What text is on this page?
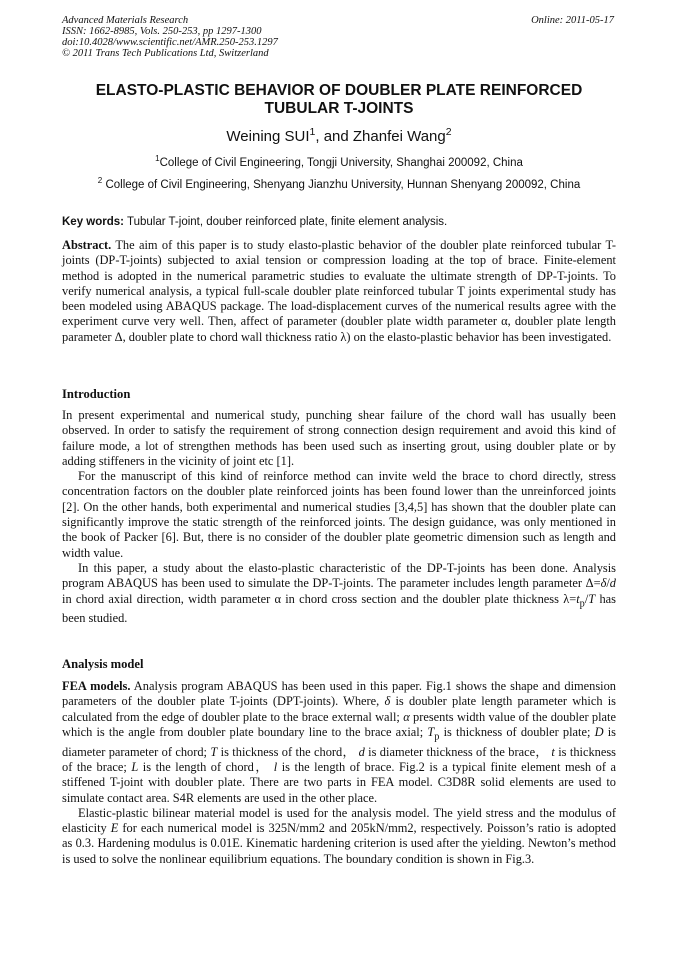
Advanced Materials Research
ISSN: 1662-8985, Vols. 250-253, pp 1297-1300
doi:10.4028/www.scientific.net/AMR.250-253.1297
© 2011 Trans Tech Publications Ltd, Switzerland
Online: 2011-05-17
ELASTO-PLASTIC BEHAVIOR OF DOUBLER PLATE REINFORCED
TUBULAR T-JOINTS
Weining SUI$^1$, and Zhanfei Wang$^2$
$^1$College of Civil Engineering, Tongji University, Shanghai 200092, China
$^2$ College of Civil Engineering, Shenyang Jianzhu University, Hunnan Shenyang 200092, China
Key words: Tubular T-joint, douber reinforced plate, finite element analysis.

Abstract. The aim of this paper is to study elasto-plastic behavior of the doubler plate reinforced tubular T-joints (DP-T-joints) subjected to axial tension or compression loading at the top of brace. Finite-element method is adopted in the numerical parametric studies to evaluate the ultimate strength of DP-T-joints. To verify numerical analysis, a typical full-scale doubler plate reinforced tubular T joints experimental study has been modeled using ABAQUS package. The load-displacement curves of the numerical results agree with the experiment curve very well. Then, affect of parameter (doubler plate width parameter α, doubler plate length parameter Δ, doubler plate to chord wall thickness ratio λ) on the elasto-plastic behavior has been investigated.

Introduction

In present experimental and numerical study, punching shear failure of the chord wall has usually been observed. In order to satisfy the requirement of strong connection design requirement and avoid this kind of failure mode, a lot of strengthen methods has been used such as inserting grout, using doubler plate or by adding stiffeners in the vicinity of joint etc [1].

For the manuscript of this kind of reinforce method can invite weld the brace to chord directly, stress concentration factors on the doubler plate reinforced joints has been found lower than the unreinforced joints [2]. On the other hands, both experimental and numerical studies [3,4,5] has shown that the doubler plate can significantly improve the static strength of the reinforced joints. The design guidance, was only mentioned in the book of Packer [6]. But, there is no consider of the doubler plate geometric dimension such as length and width value.

In this paper, a study about the elasto-plastic characteristic of the DP-T-joints has been done. Analysis program ABAQUS has been used to simulate the DP-T-joints. The parameter includes length parameter Δ=δ/d in chord axial direction, width parameter α in chord cross section and the doubler plate thickness $\lambda=t_p/T$ has been studied.

Analysis model

FEA models. Analysis program ABAQUS has been used in this paper. Fig.1 shows the shape and dimension parameters of the doubler plate T-joints (DPT-joints). Where, δ is doubler plate length parameter which is calculated from the edge of doubler plate to the brace external wall; α presents width value of the doubler plate which is the angle from doubler plate boundary line to the brace axial; $T_p$ is thickness of doubler plate; D is diameter parameter of chord; T is thickness of the chord， d is diameter thickness of the brace， t is thickness of the brace; L is the length of chord， l is the length of brace. Fig.2 is a typical finite element mesh of a stiffened T-joint with doubler plate. There are two parts in FEA model. C3D8R solid elements are used to simulate contact area. S4R elements are used in the other place.

Elastic-plastic bilinear material model is used for the analysis model. The yield stress and the modulus of elasticity E for each numerical model is 325N/mm2 and 205kN/mm2, respectively. Poisson’s ratio is adopted as 0.3. Hardening modulus is 0.01E. Kinematic hardening criterion is used after the yielding. Newton’s method is used to solve the nonlinear equilibrium equations. The boundary condition is shown in Fig.3.
